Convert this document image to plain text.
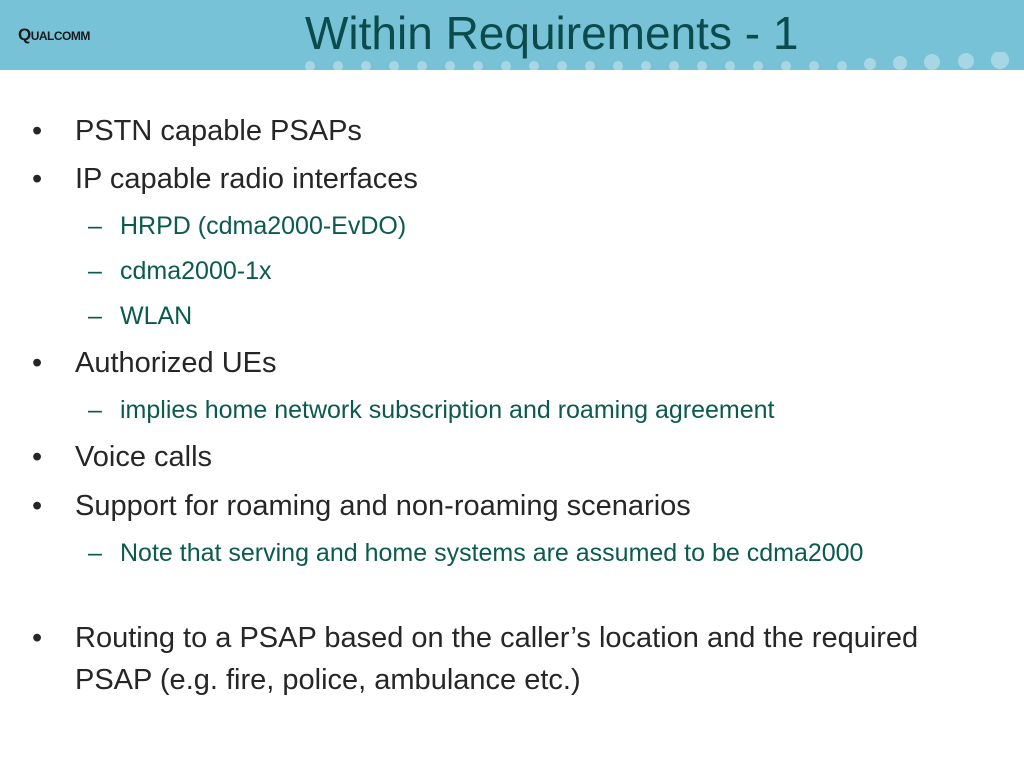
Qualcomm	Within Requirements - 1
• PSTN capable PSAPs
• IP capable radio interfaces
– HRPD (cdma2000-EvDO)
– cdma2000-1x
– WLAN
• Authorized UEs
– implies home network subscription and roaming agreement
• Voice calls
• Support for roaming and non-roaming scenarios
– Note that serving and home systems are assumed to be cdma2000
• Routing to a PSAP based on the caller’s location and the required PSAP (e.g. fire, police, ambulance etc.)
